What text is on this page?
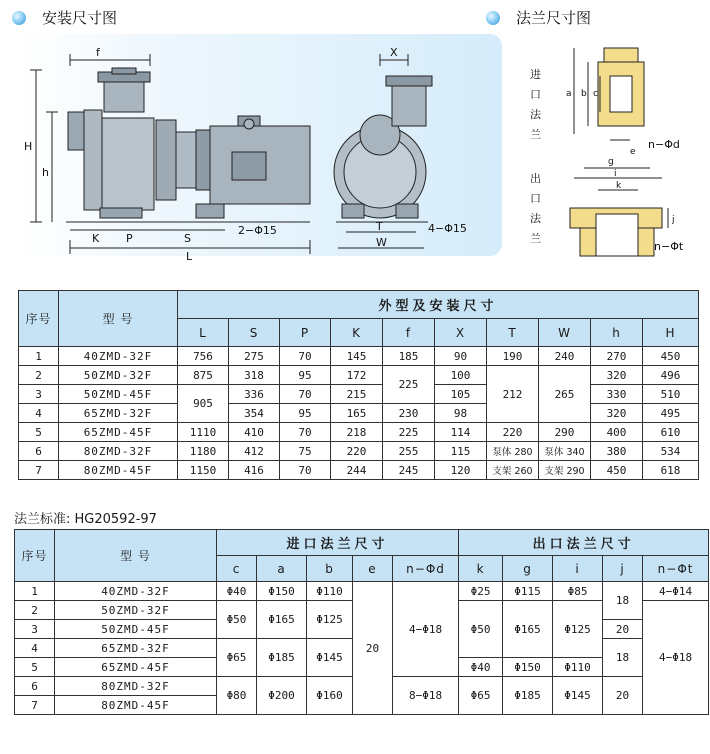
安装尺寸图	法兰尺寸图
f
H
h
K P	S
L
2−Φ15
X
T
W
4−Φ15
进
口
法
兰
出
口
法
兰
a b c
e
n−Φd
g
i
k
j
n−Φt
序号	型 号	外型及安装尺寸									
		L	S	P	K	f	X	T	W	h	H
1	40ZMD-32F	756	275	70	145	185	90	190	240	270	450
2	50ZMD-32F	875	318	95	172	225	100	212	265	320	496
3	50ZMD-45F	905	336	70	215		105			330	510
4	65ZMD-32F		354	95	165	230	98			320	495
5	65ZMD-45F	1110	410	70	218	225	114	220	290	400	610
6	80ZMD-32F	1180	412	75	220	255	115	泵体 280	泵体 340	380	534
7	80ZMD-45F	1150	416	70	244	245	120	支架 260	支架 290	450	618
法兰标准: HG20592-97
序号	型 号	进口法兰尺寸					出口法兰尺寸				
		c	a	b	e	n−Φd	k	g	i	j	n−Φt
1	40ZMD-32F	Φ40	Φ150	Φ110	20	4−Φ18	Φ25	Φ115	Φ85	18	4−Φ14
2	50ZMD-32F	Φ50	Φ165	Φ125			Φ50	Φ165	Φ125		4−Φ18
3	50ZMD-45F									20	
4	65ZMD-32F	Φ65	Φ185	Φ145						18	
5	65ZMD-45F						Φ40	Φ150	Φ110		
6	80ZMD-32F	Φ80	Φ200	Φ160		8−Φ18	Φ65	Φ185	Φ145	20	
7	80ZMD-45F										
